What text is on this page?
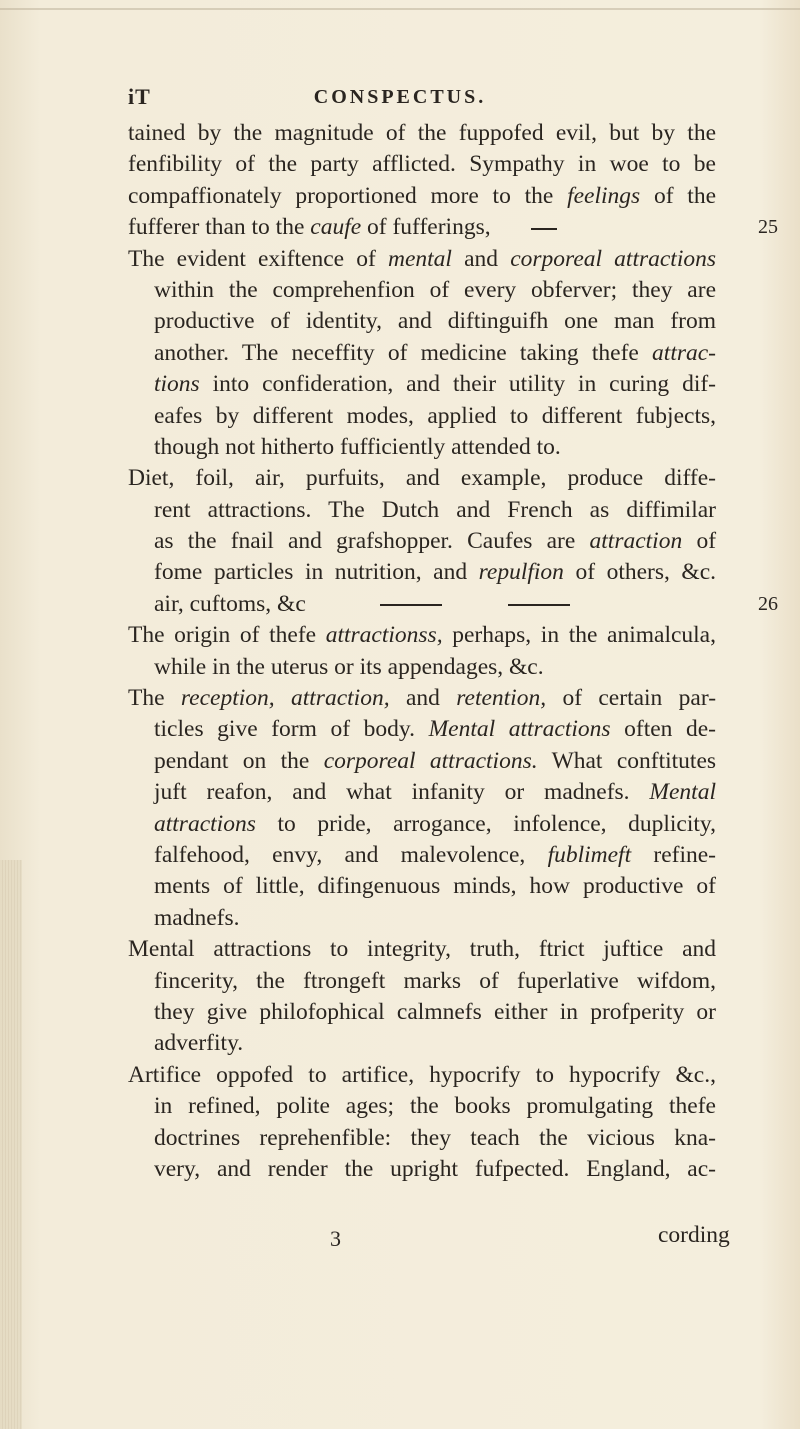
iT	CONSPECTUS.
tained by the magnitude of the fuppofed evil, but by the
fenfibility of the party afflicted. Sympathy in woe to be
compaffionately proportioned more to the feelings of the
fufferer than to the caufe of fufferings,	25
The evident exiftence of mental and corporeal attractions
within the comprehenfion of every obferver; they are
productive of identity, and diftinguifh one man from
another. The neceffity of medicine taking thefe attrac-
tions into confideration, and their utility in curing dif-
eafes by different modes, applied to different fubjects,
though not hitherto fufficiently attended to.
Diet, foil, air, purfuits, and example, produce diffe-
rent attractions. The Dutch and French as diffimilar
as the fnail and grafshopper. Caufes are attraction of
fome particles in nutrition, and repulfion of others, &c.
air, cuftoms, &c	26
The origin of thefe attractionss, perhaps, in the animalcula,
while in the uterus or its appendages, &c.
The reception, attraction, and retention, of certain par-
ticles give form of body. Mental attractions often de-
pendant on the corporeal attractions. What conftitutes
juft reafon, and what infanity or madnefs. Mental
attractions to pride, arrogance, infolence, duplicity,
falfehood, envy, and malevolence, fublimeft refine-
ments of little, difingenuous minds, how productive of
madnefs.
Mental attractions to integrity, truth, ftrict juftice and
fincerity, the ftrongeft marks of fuperlative wifdom,
they give philofophical calmnefs either in profperity or
adverfity.
Artifice oppofed to artifice, hypocrify to hypocrify &c.,
in refined, polite ages; the books promulgating thefe
doctrines reprehenfible: they teach the vicious kna-
very, and render the upright fufpected. England, ac-
3	cording
